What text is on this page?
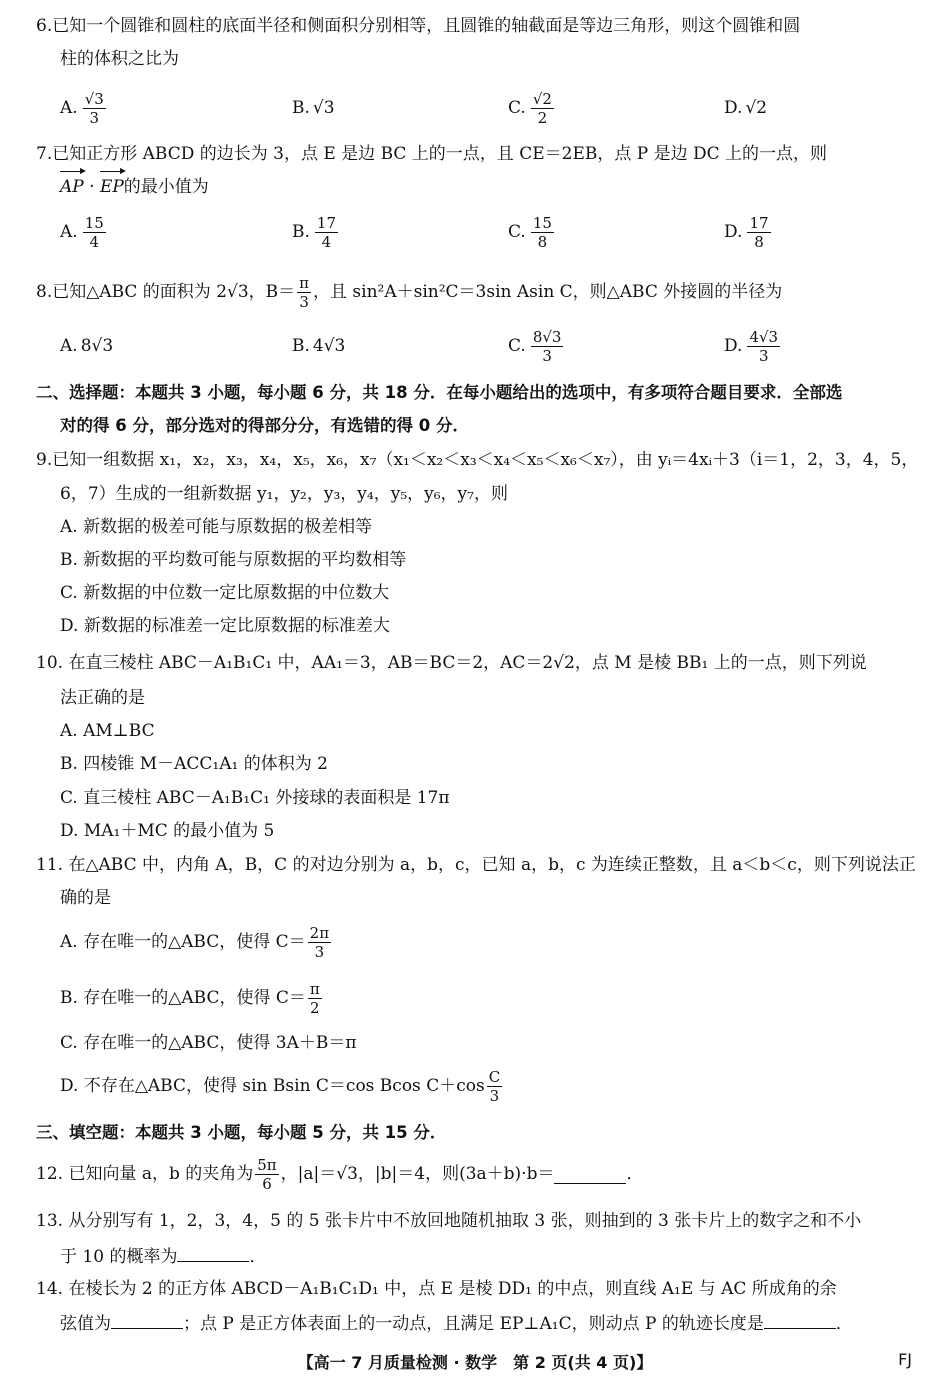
6.已知一个圆锥和圆柱的底面半径和侧面积分别相等，且圆锥的轴截面是等边三角形，则这个圆锥和圆
柱的体积之比为
A. $\frac{√3}{3}$	B. √3	C. $\frac{√2}{2}$	D. √2
7.已知正方形 ABCD 的边长为 3，点 E 是边 BC 上的一点，且 CE＝2EB，点 P 是边 DC 上的一点，则
AP · EP的最小值为
A. $\frac{15}{4}$	B. $\frac{17}{4}$	C. $\frac{15}{8}$	D. $\frac{17}{8}$
8.已知△ABC 的面积为 2√3，$B= \frac{\pi}{3}$ ，且 sin²A＋sin²C＝3sin Asin C，则△ABC 外接圆的半径为
A. 8√3	B. 4√3	C. $\frac{8√3}{3}$	D. $\frac{4√3}{3}$
二、选择题：本题共 3 小题，每小题 6 分，共 18 分．在每小题给出的选项中，有多项符合题目要求．全部选
对的得 6 分，部分选对的得部分分，有选错的得 0 分．
9.已知一组数据 x₁，x₂，x₃，x₄，x₅，x₆，x₇（x₁＜x₂＜x₃＜x₄＜x₅＜x₆＜x₇），由 yᵢ＝4xᵢ＋3（i＝1，2，3，4，5，
6，7）生成的一组新数据 y₁，y₂，y₃，y₄，y₅，y₆，y₇，则
A. 新数据的极差可能与原数据的极差相等
B. 新数据的平均数可能与原数据的平均数相等
C. 新数据的中位数一定比原数据的中位数大
D. 新数据的标准差一定比原数据的标准差大
10. 在直三棱柱 ABC－A₁B₁C₁ 中，AA₁＝3，AB＝BC＝2，AC＝2√2，点 M 是棱 BB₁ 上的一点，则下列说
法正确的是
A. AM⊥BC
B. 四棱锥 M－ACC₁A₁ 的体积为 2
C. 直三棱柱 ABC－A₁B₁C₁ 外接球的表面积是 17π
D. MA₁＋MC 的最小值为 5
11. 在△ABC 中，内角 A，B，C 的对边分别为 a，b，c，已知 a，b，c 为连续正整数，且 a＜b＜c，则下列说法正
确的是
A. 存在唯一的△ABC，使得 $C= \frac{2\pi}{3}$
B. 存在唯一的△ABC，使得 $C= \frac{\pi}{2}$
C. 存在唯一的△ABC，使得 3A＋B＝π
D. 不存在△ABC，使得 sin Bsin C＝cos Bcos $C+\cos \frac{C}{3}$
三、填空题：本题共 3 小题，每小题 5 分，共 15 分．
12. 已知向量 a，b 的夹角为 $\frac{5\pi}{6}$ ，|a|＝√3，|b|＝4，则(3a＋b)·b＝	．
13. 从分别写有 1，2，3，4，5 的 5 张卡片中不放回地随机抽取 3 张，则抽到的 3 张卡片上的数字之和不小
于 10 的概率为	．
14. 在棱长为 2 的正方体 ABCD－A₁B₁C₁D₁ 中，点 E 是棱 DD₁ 的中点，则直线 A₁E 与 AC 所成角的余
弦值为	；点 P 是正方体表面上的一动点，且满足 EP⊥A₁C，则动点 P 的轨迹长度是	．
【高一 7 月质量检测 · 数学　第 2 页(共 4 页)】	FJ
